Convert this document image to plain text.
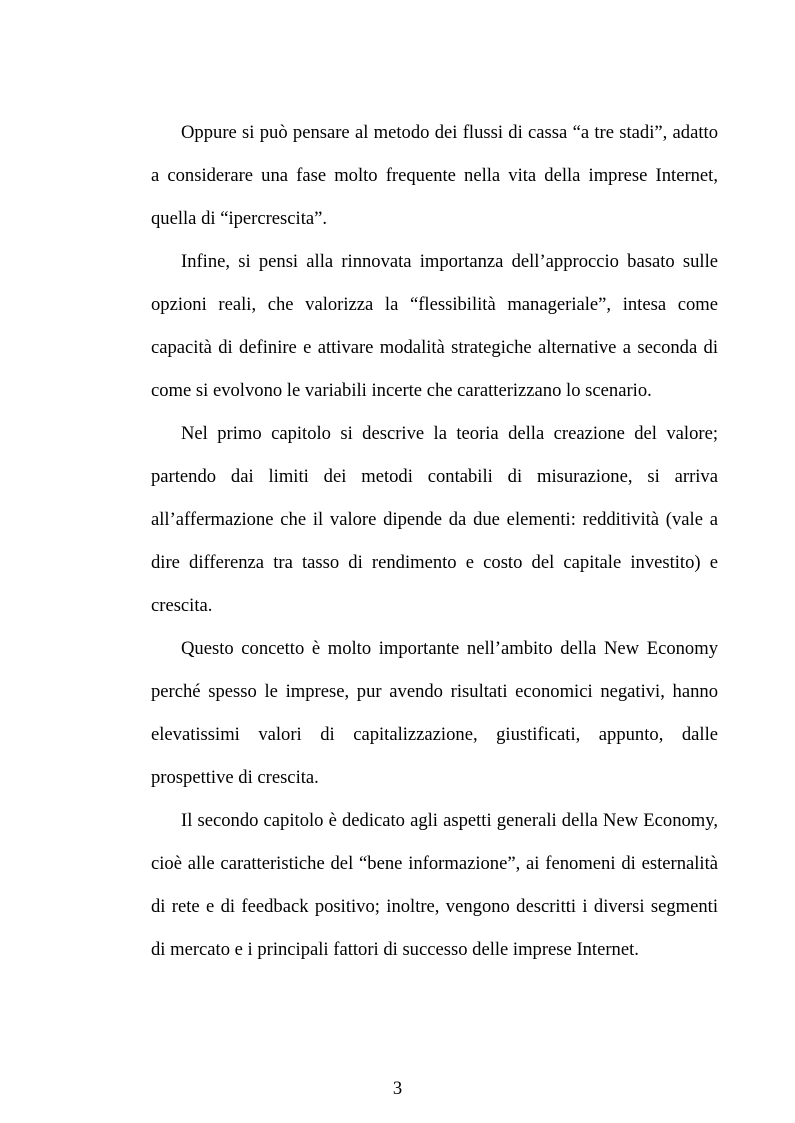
Oppure si può pensare al metodo dei flussi di cassa “a tre stadi”, adatto a considerare una fase molto frequente nella vita della imprese Internet, quella di “ipercrescita”.

Infine, si pensi alla rinnovata importanza dell’approccio basato sulle opzioni reali, che valorizza la “flessibilità manageriale”, intesa come capacità di definire e attivare modalità strategiche alternative a seconda di come si evolvono le variabili incerte che caratterizzano lo scenario.

Nel primo capitolo si descrive la teoria della creazione del valore; partendo dai limiti dei metodi contabili di misurazione, si arriva all’affermazione che il valore dipende da due elementi: redditività (vale a dire differenza tra tasso di rendimento e costo del capitale investito) e crescita.

Questo concetto è molto importante nell’ambito della New Economy perché spesso le imprese, pur avendo risultati economici negativi, hanno elevatissimi valori di capitalizzazione, giustificati, appunto, dalle prospettive di crescita.

Il secondo capitolo è dedicato agli aspetti generali della New Economy, cioè alle caratteristiche del “bene informazione”, ai fenomeni di esternalità di rete e di feedback positivo; inoltre, vengono descritti i diversi segmenti di mercato e i principali fattori di successo delle imprese Internet.

3
